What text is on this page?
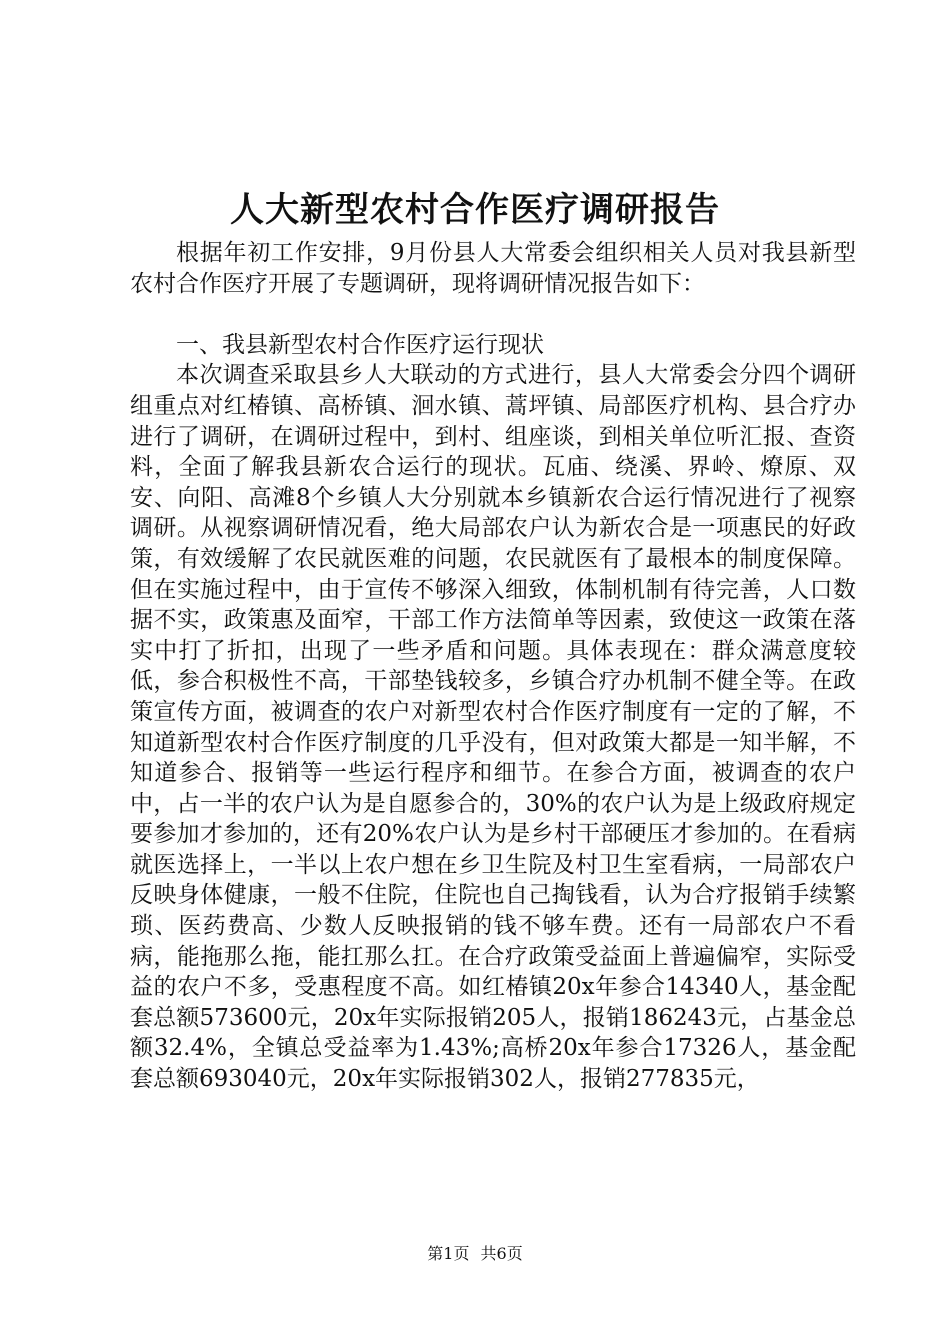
人大新型农村合作医疗调研报告

根据年初工作安排，9月份县人大常委会组织相关人员对我县新型农村合作医疗开展了专题调研，现将调研情况报告如下：

一、我县新型农村合作医疗运行现状

本次调查采取县乡人大联动的方式进行，县人大常委会分四个调研组重点对红椿镇、高桥镇、洄水镇、蒿坪镇、局部医疗机构、县合疗办进行了调研，在调研过程中，到村、组座谈，到相关单位听汇报、查资料，全面了解我县新农合运行的现状。瓦庙、绕溪、界岭、燎原、双安、向阳、高滩8个乡镇人大分别就本乡镇新农合运行情况进行了视察调研。从视察调研情况看，绝大局部农户认为新农合是一项惠民的好政策，有效缓解了农民就医难的问题，农民就医有了最根本的制度保障。但在实施过程中，由于宣传不够深入细致，体制机制有待完善，人口数据不实，政策惠及面窄，干部工作方法简单等因素，致使这一政策在落实中打了折扣，出现了一些矛盾和问题。具体表现在：群众满意度较低，参合积极性不高，干部垫钱较多，乡镇合疗办机制不健全等。在政策宣传方面，被调查的农户对新型农村合作医疗制度有一定的了解，不知道新型农村合作医疗制度的几乎没有，但对政策大都是一知半解，不知道参合、报销等一些运行程序和细节。在参合方面，被调查的农户中，占一半的农户认为是自愿参合的，30%的农户认为是上级政府规定要参加才参加的，还有20%农户认为是乡村干部硬压才参加的。在看病就医选择上，一半以上农户想在乡卫生院及村卫生室看病，一局部农户反映身体健康，一般不住院，住院也自己掏钱看，认为合疗报销手续繁琐、医药费高、少数人反映报销的钱不够车费。还有一局部农户不看病，能拖那么拖，能扛那么扛。在合疗政策受益面上普遍偏窄，实际受益的农户不多，受惠程度不高。如红椿镇20x年参合14340人，基金配套总额573600元，20x年实际报销205人，报销186243元，占基金总额32.4%，全镇总受益率为1.43%;高桥20x年参合17326人，基金配套总额693040元，20x年实际报销302人，报销277835元，

第1页 共6页
